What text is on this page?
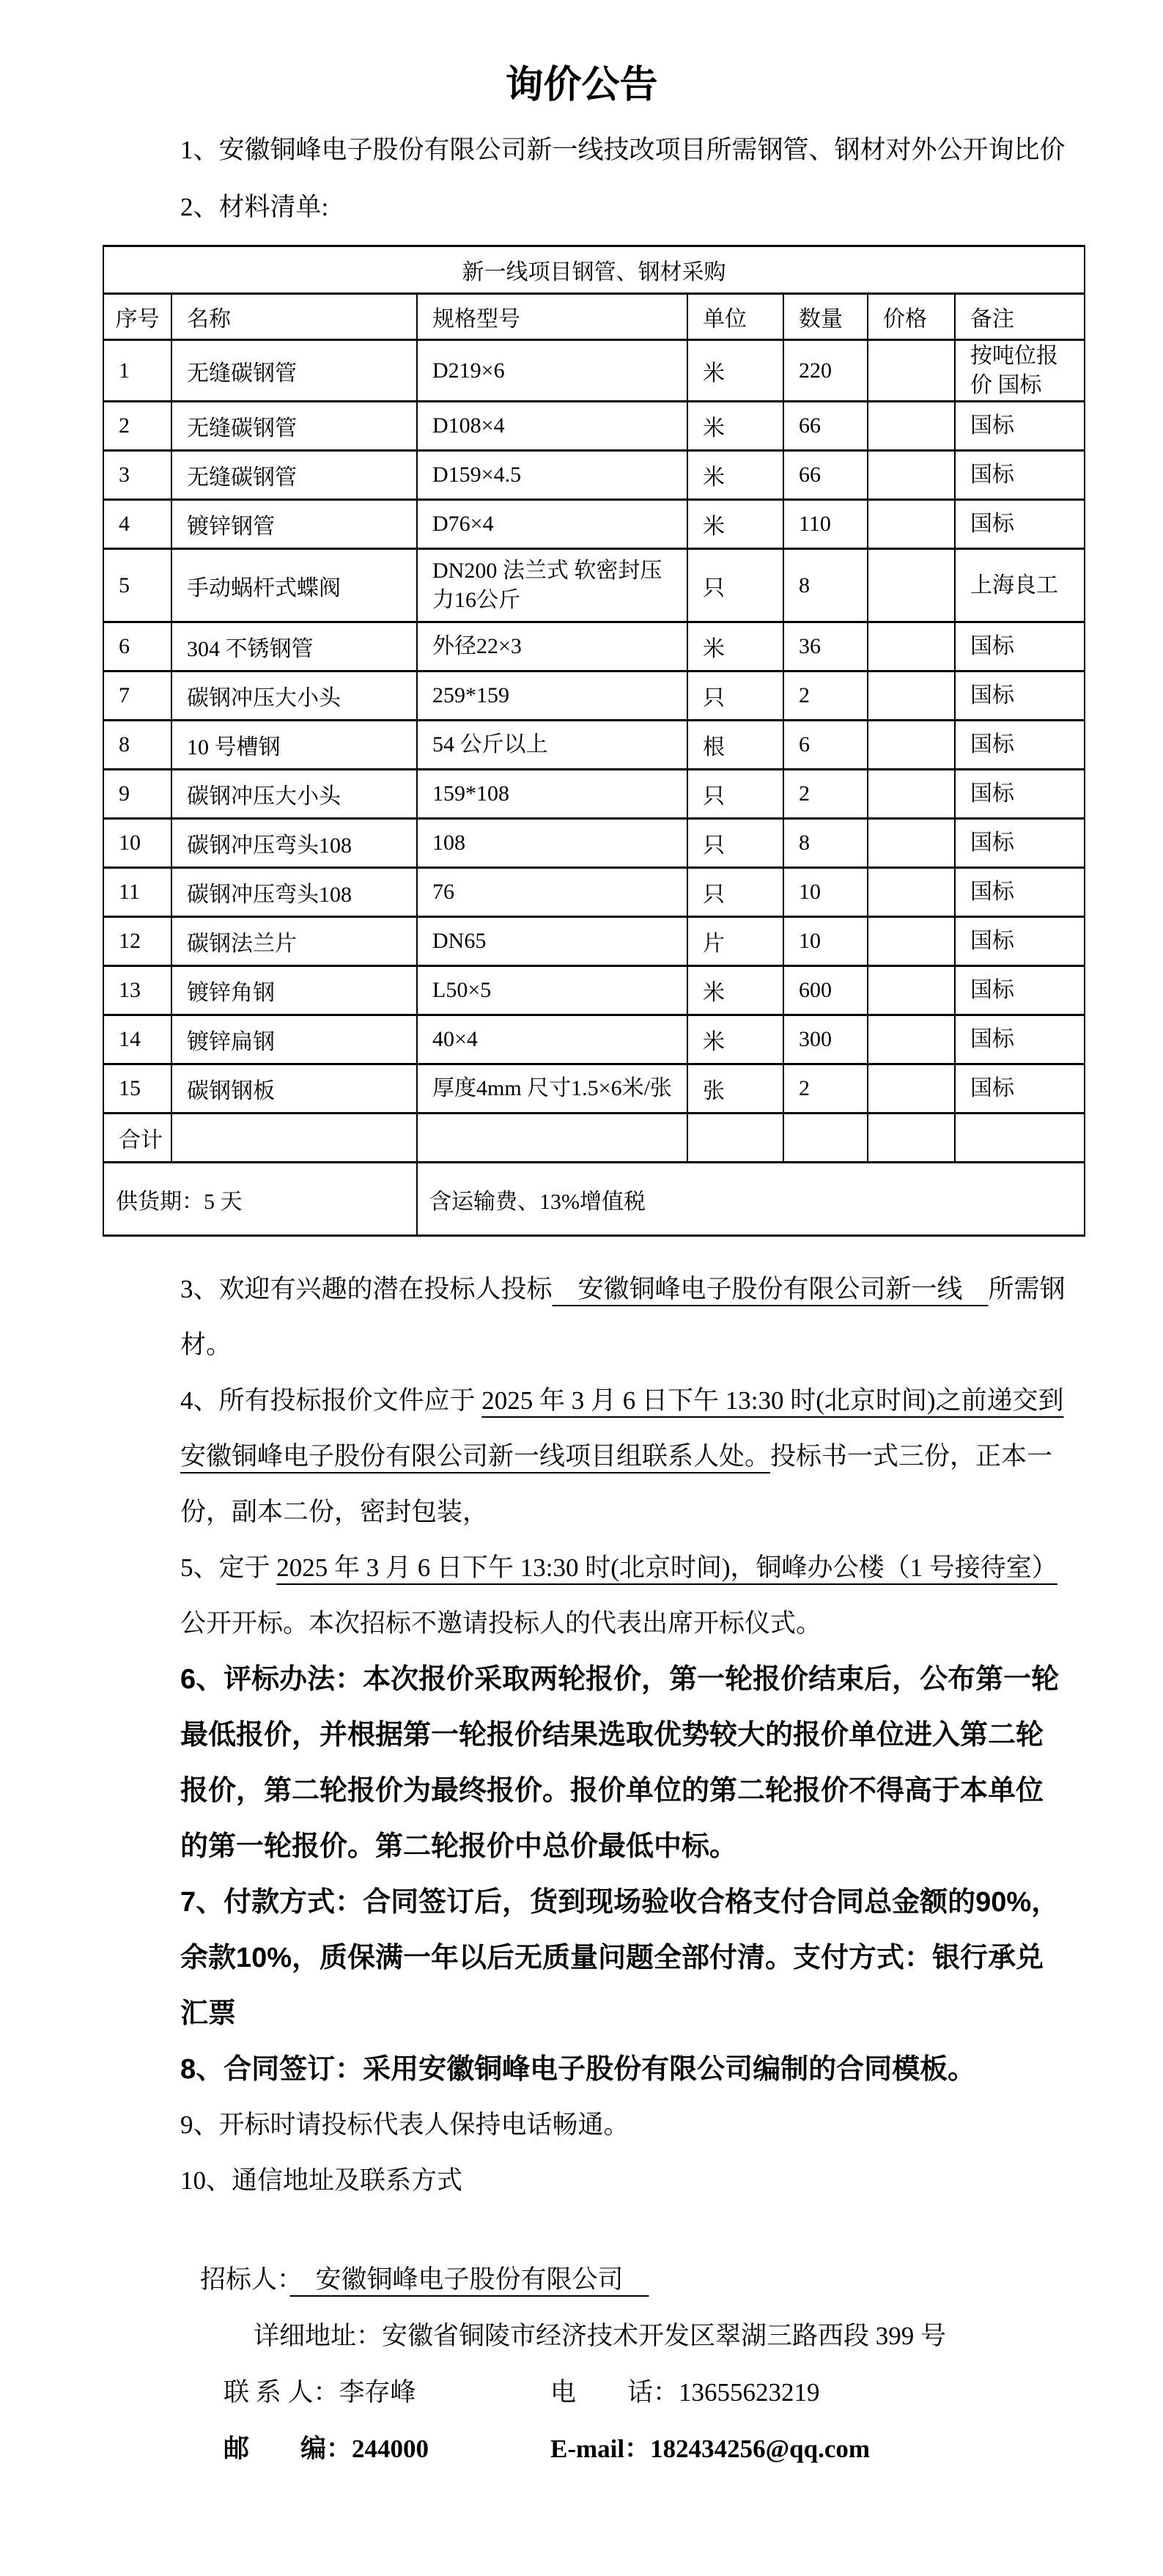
询价公告
1、安徽铜峰电子股份有限公司新一线技改项目所需钢管、钢材对外公开询比价
2、材料清单:
新一线项目钢管、钢材采购						
序号	名称	规格型号	单位	数量	价格	备注
1	无缝碳钢管	D219×6	米	220		按吨位报价 国标
2	无缝碳钢管	D108×4	米	66		国标
3	无缝碳钢管	D159×4.5	米	66		国标
4	镀锌钢管	D76×4	米	110		国标
5	手动蜗杆式蝶阀	DN200 法兰式 软密封压力16公斤	只	8		上海良工
6	304 不锈钢管	外径22×3	米	36		国标
7	碳钢冲压大小头	259*159	只	2		国标
8	10 号槽钢	54 公斤以上	根	6		国标
9	碳钢冲压大小头	159*108	只	2		国标
10	碳钢冲压弯头108	108	只	8		国标
11	碳钢冲压弯头108	76	只	10		国标
12	碳钢法兰片	DN65	片	10		国标
13	镀锌角钢	L50×5	米	600		国标
14	镀锌扁钢	40×4	米	300		国标
15	碳钢钢板	厚度4mm 尺寸1.5×6米/张	张	2		国标
合计						
供货期：5 天		含运输费、13%增值税				
3、欢迎有兴趣的潜在投标人投标　安徽铜峰电子股份有限公司新一线　所需钢材。
4、所有投标报价文件应于 2025 年 3 月 6 日下午 13:30 时(北京时间)之前递交到安徽铜峰电子股份有限公司新一线项目组联系人处。投标书一式三份，正本一份，副本二份，密封包装，
5、定于 2025 年 3 月 6 日下午 13:30 时(北京时间)，铜峰办公楼（1 号接待室）公开开标。本次招标不邀请投标人的代表出席开标仪式。
6、评标办法：本次报价采取两轮报价，第一轮报价结束后，公布第一轮最低报价，并根据第一轮报价结果选取优势较大的报价单位进入第二轮报价，第二轮报价为最终报价。报价单位的第二轮报价不得高于本单位的第一轮报价。第二轮报价中总价最低中标。
7、付款方式：合同签订后，货到现场验收合格支付合同总金额的90%，余款10%，质保满一年以后无质量问题全部付清。支付方式：银行承兑汇票
8、合同签订：采用安徽铜峰电子股份有限公司编制的合同模板。
9、开标时请投标代表人保持电话畅通。
10、通信地址及联系方式
招标人：　安徽铜峰电子股份有限公司　
详细地址：安徽省铜陵市经济技术开发区翠湖三路西段 399 号
联 系 人：李存峰	电　　话：13655623219
邮　　编：244000	E-mail：182434256@qq.com
